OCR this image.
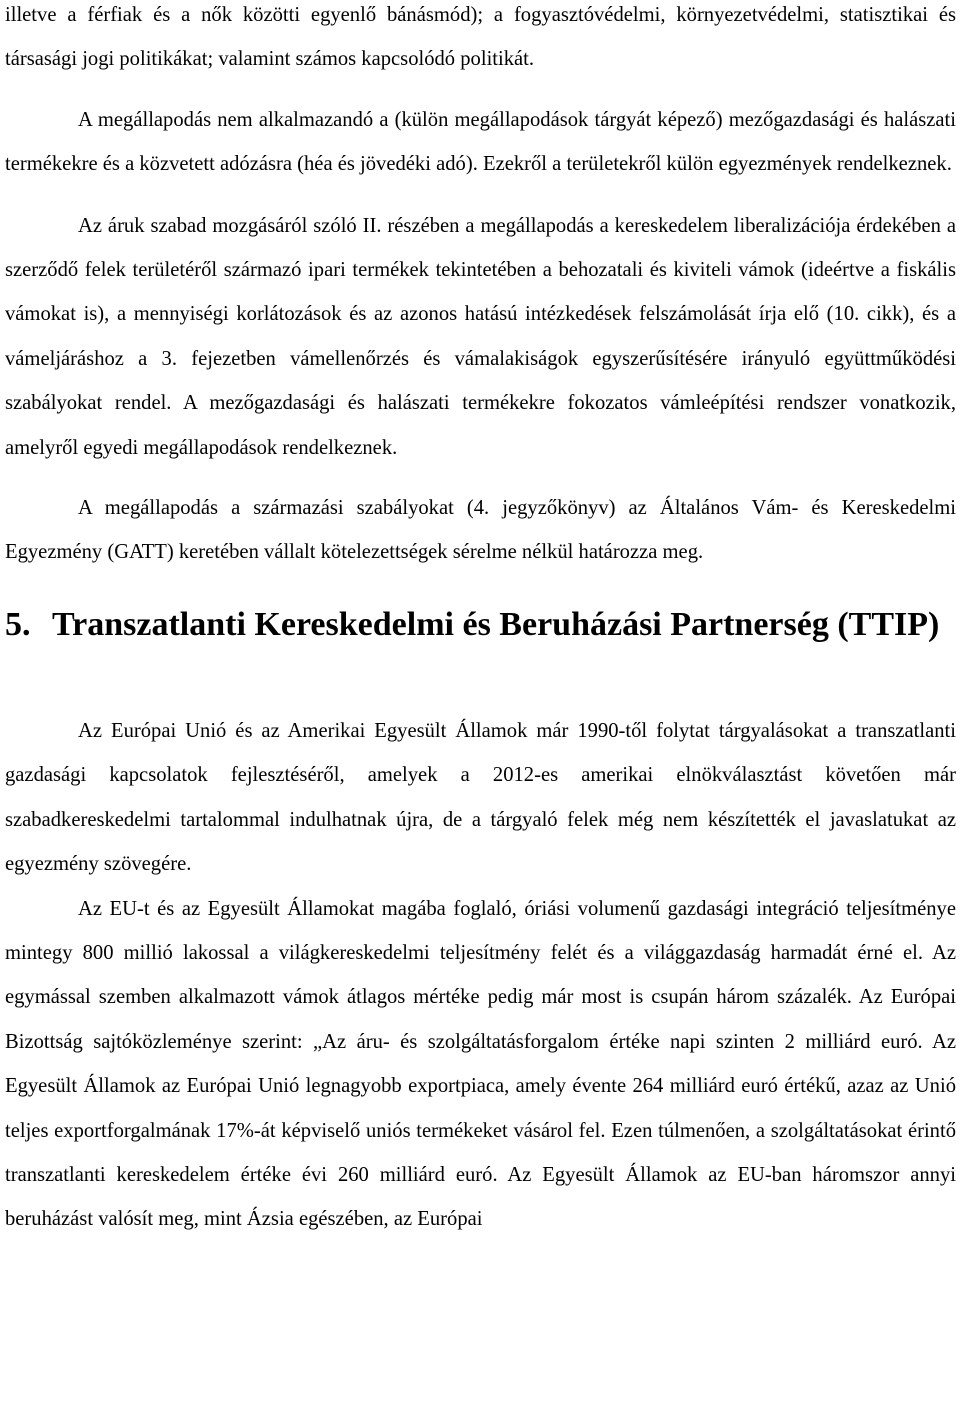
illetve a férfiak és a nők közötti egyenlő bánásmód); a fogyasztóvédelmi, környezetvédelmi, statisztikai és társasági jogi politikákat; valamint számos kapcsolódó politikát.

A megállapodás nem alkalmazandó a (külön megállapodások tárgyát képező) mezőgazdasági és halászati termékekre és a közvetett adózásra (héa és jövedéki adó). Ezekről a területekről külön egyezmények rendelkeznek.

Az áruk szabad mozgásáról szóló II. részében a megállapodás a kereskedelem liberalizációja érdekében a szerződő felek területéről származó ipari termékek tekintetében a behozatali és kiviteli vámok (ideértve a fiskális vámokat is), a mennyiségi korlátozások és az azonos hatású intézkedések felszámolását írja elő (10. cikk), és a vámeljáráshoz a 3. fejezetben vámellenőrzés és vámalakiságok egyszerűsítésére irányuló együttműködési szabályokat rendel. A mezőgazdasági és halászati termékekre fokozatos vámleépítési rendszer vonatkozik, amelyről egyedi megállapodások rendelkeznek.

A megállapodás a származási szabályokat (4. jegyzőkönyv) az Általános Vám- és Kereskedelmi Egyezmény (GATT) keretében vállalt kötelezettségek sérelme nélkül határozza meg.

5. Transzatlanti Kereskedelmi és Beruházási Partnerség (TTIP)

Az Európai Unió és az Amerikai Egyesült Államok már 1990-től folytat tárgyalásokat a transzatlanti gazdasági kapcsolatok fejlesztéséről, amelyek a 2012-es amerikai elnökválasztást követően már szabadkereskedelmi tartalommal indulhatnak újra, de a tárgyaló felek még nem készítették el javaslatukat az egyezmény szövegére.

Az EU-t és az Egyesült Államokat magába foglaló, óriási volumenű gazdasági integráció teljesítménye mintegy 800 millió lakossal a világkereskedelmi teljesítmény felét és a világgazdaság harmadát érné el. Az egymással szemben alkalmazott vámok átlagos mértéke pedig már most is csupán három százalék. Az Európai Bizottság sajtóközleménye szerint: „Az áru- és szolgáltatásforgalom értéke napi szinten 2 milliárd euró. Az Egyesült Államok az Európai Unió legnagyobb exportpiaca, amely évente 264 milliárd euró értékű, azaz az Unió teljes exportforgalmának 17%-át képviselő uniós termékeket vásárol fel. Ezen túlmenően, a szolgáltatásokat érintő transzatlanti kereskedelem értéke évi 260 milliárd euró. Az Egyesült Államok az EU-ban háromszor annyi beruházást valósít meg, mint Ázsia egészében, az Európai
